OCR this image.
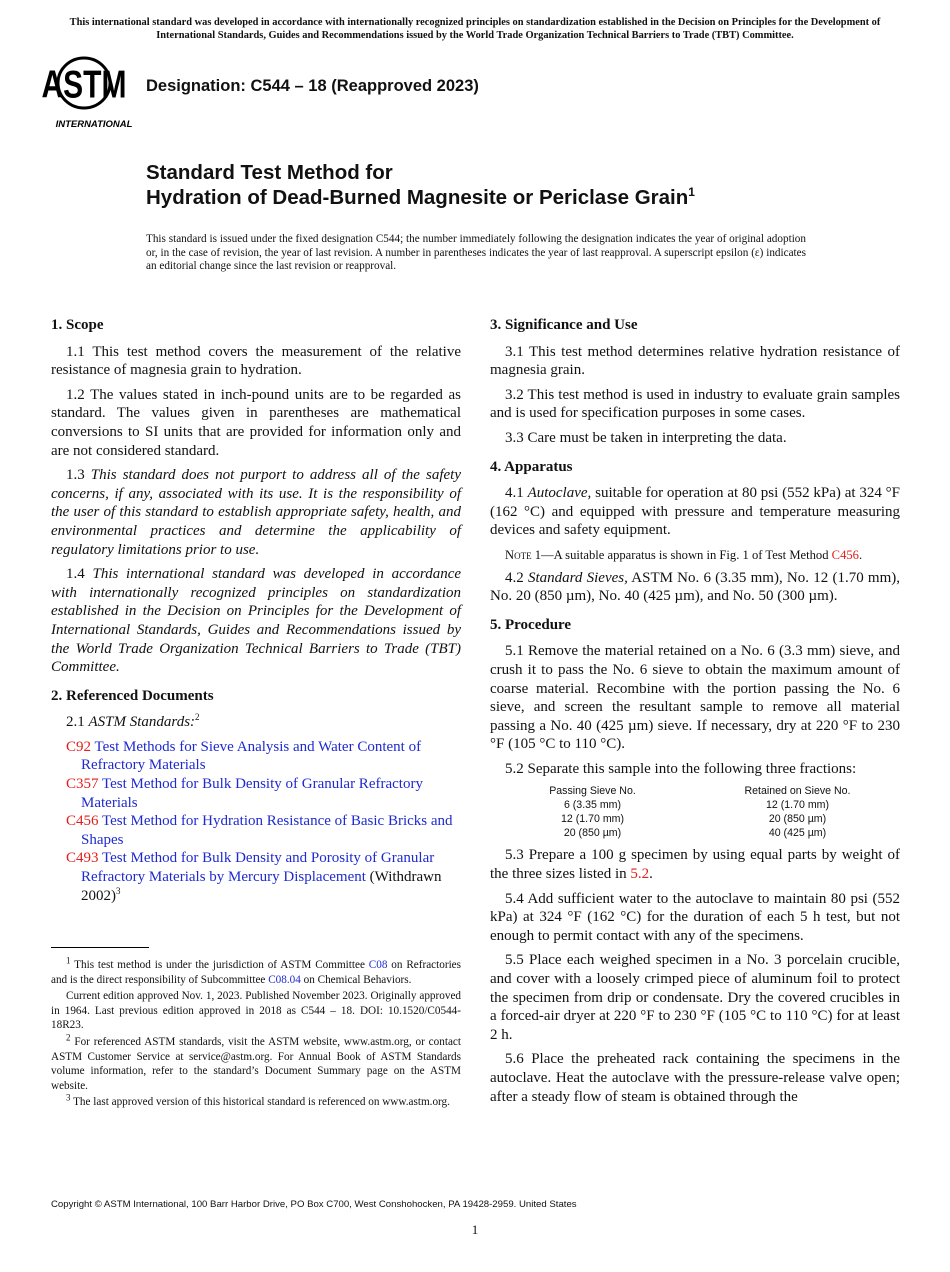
This international standard was developed in accordance with internationally recognized principles on standardization established in the Decision on Principles for the Development of International Standards, Guides and Recommendations issued by the World Trade Organization Technical Barriers to Trade (TBT) Committee.
ASTM
INTERNATIONAL
Designation: C544 – 18 (Reapproved 2023)
Standard Test Method for
Hydration of Dead-Burned Magnesite or Periclase Grain$^1$
This standard is issued under the fixed designation C544; the number immediately following the designation indicates the year of original adoption or, in the case of revision, the year of last revision. A number in parentheses indicates the year of last reapproval. A superscript epsilon (ε) indicates an editorial change since the last revision or reapproval.
1. Scope
1.1 This test method covers the measurement of the relative resistance of magnesia grain to hydration.
1.2 The values stated in inch-pound units are to be regarded as standard. The values given in parentheses are mathematical conversions to SI units that are provided for information only and are not considered standard.
1.3 This standard does not purport to address all of the safety concerns, if any, associated with its use. It is the responsibility of the user of this standard to establish appropriate safety, health, and environmental practices and determine the applicability of regulatory limitations prior to use.
1.4 This international standard was developed in accordance with internationally recognized principles on standardization established in the Decision on Principles for the Development of International Standards, Guides and Recommendations issued by the World Trade Organization Technical Barriers to Trade (TBT) Committee.
2. Referenced Documents
2.1 ASTM Standards:$^2$
C92 Test Methods for Sieve Analysis and Water Content of Refractory Materials
C357 Test Method for Bulk Density of Granular Refractory Materials
C456 Test Method for Hydration Resistance of Basic Bricks and Shapes
C493 Test Method for Bulk Density and Porosity of Granular Refractory Materials by Mercury Displacement (Withdrawn 2002)$^3$
3. Significance and Use
3.1 This test method determines relative hydration resistance of magnesia grain.
3.2 This test method is used in industry to evaluate grain samples and is used for specification purposes in some cases.
3.3 Care must be taken in interpreting the data.
4. Apparatus
4.1 Autoclave, suitable for operation at 80 psi (552 kPa) at 324 °F (162 °C) and equipped with pressure and temperature measuring devices and safety equipment.
Note 1—A suitable apparatus is shown in Fig. 1 of Test Method C456.
4.2 Standard Sieves, ASTM No. 6 (3.35 mm), No. 12 (1.70 mm), No. 20 (850 µm), No. 40 (425 µm), and No. 50 (300 µm).
5. Procedure
5.1 Remove the material retained on a No. 6 (3.3 mm) sieve, and crush it to pass the No. 6 sieve to obtain the maximum amount of coarse material. Recombine with the portion passing the No. 6 sieve, and screen the resultant sample to remove all material passing a No. 40 (425 µm) sieve. If necessary, dry at 220 °F to 230 °F (105 °C to 110 °C).
5.2 Separate this sample into the following three fractions:
Passing Sieve No.	Retained on Sieve No.
6 (3.35 mm)	12 (1.70 mm)
12 (1.70 mm)	20 (850 µm)
20 (850 µm)	40 (425 µm)
5.3 Prepare a 100 g specimen by using equal parts by weight of the three sizes listed in 5.2.
5.4 Add sufficient water to the autoclave to maintain 80 psi (552 kPa) at 324 °F (162 °C) for the duration of each 5 h test, but not enough to permit contact with any of the specimens.
5.5 Place each weighed specimen in a No. 3 porcelain crucible, and cover with a loosely crimped piece of aluminum foil to protect the specimen from drip or condensate. Dry the covered crucibles in a forced-air dryer at 220 °F to 230 °F (105 °C to 110 °C) for at least 2 h.
5.6 Place the preheated rack containing the specimens in the autoclave. Heat the autoclave with the pressure-release valve open; after a steady flow of steam is obtained through the
$^1$ This test method is under the jurisdiction of ASTM Committee C08 on Refractories and is the direct responsibility of Subcommittee C08.04 on Chemical Behaviors.
Current edition approved Nov. 1, 2023. Published November 2023. Originally approved in 1964. Last previous edition approved in 2018 as C544 – 18. DOI: 10.1520/C0544-18R23.
$^2$ For referenced ASTM standards, visit the ASTM website, www.astm.org, or contact ASTM Customer Service at service@astm.org. For Annual Book of ASTM Standards volume information, refer to the standard’s Document Summary page on the ASTM website.
$^3$ The last approved version of this historical standard is referenced on www.astm.org.
Copyright © ASTM International, 100 Barr Harbor Drive, PO Box C700, West Conshohocken, PA 19428-2959. United States
1
